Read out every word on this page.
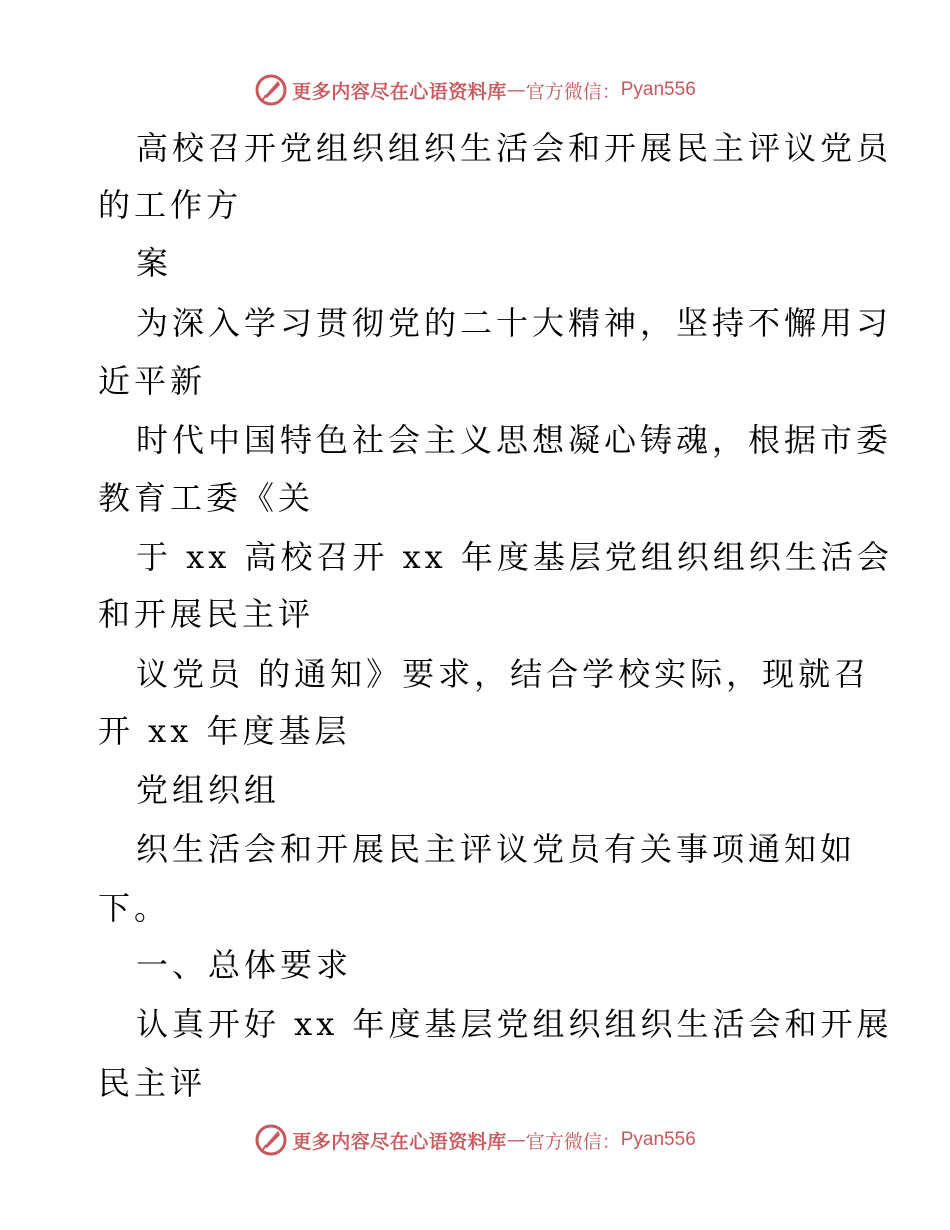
更多内容尽在心语资料库 — 官方微信： Pyan556
高校召开党组织组织生活会和开展民主评议党员
的工作方
案
为深入学习贯彻党的二十大精神，坚持不懈用习
近平新
时代中国特色社会主义思想凝心铸魂，根据市委
教育工委《关
于 xx 高校召开 xx 年度基层党组织组织生活会
和开展民主评
议党员 的通知》要求，结合学校实际，现就召
开 xx 年度基层
党组织组
织生活会和开展民主评议党员有关事项通知如
下。
一、总体要求
认真开好 xx 年度基层党组织组织生活会和开展
民主评
更多内容尽在心语资料库 — 官方微信： Pyan556
